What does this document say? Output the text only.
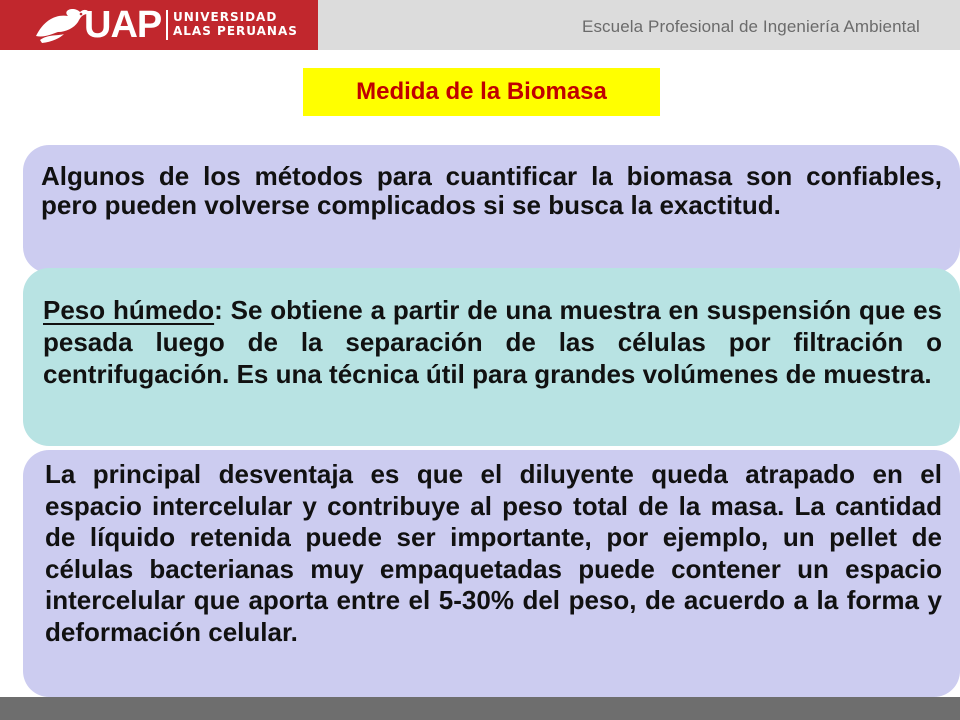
UAP UNIVERSIDAD
ALAS PERUANAS	Escuela Profesional de Ingeniería Ambiental
Medida de la Biomasa
Algunos de los métodos para cuantificar la biomasa son confiables, pero pueden volverse complicados si se busca la exactitud.
Peso húmedo: Se obtiene a partir de una muestra en suspensión que es pesada luego de la separación de las células por filtración o centrifugación. Es una técnica útil para grandes volúmenes de muestra.
La principal desventaja es que el diluyente queda atrapado en el espacio intercelular y contribuye al peso total de la masa. La cantidad de líquido retenida puede ser importante, por ejemplo, un pellet de células bacterianas muy empaquetadas puede contener un espacio intercelular que aporta entre el 5-30% del peso, de acuerdo a la forma y deformación celular.
